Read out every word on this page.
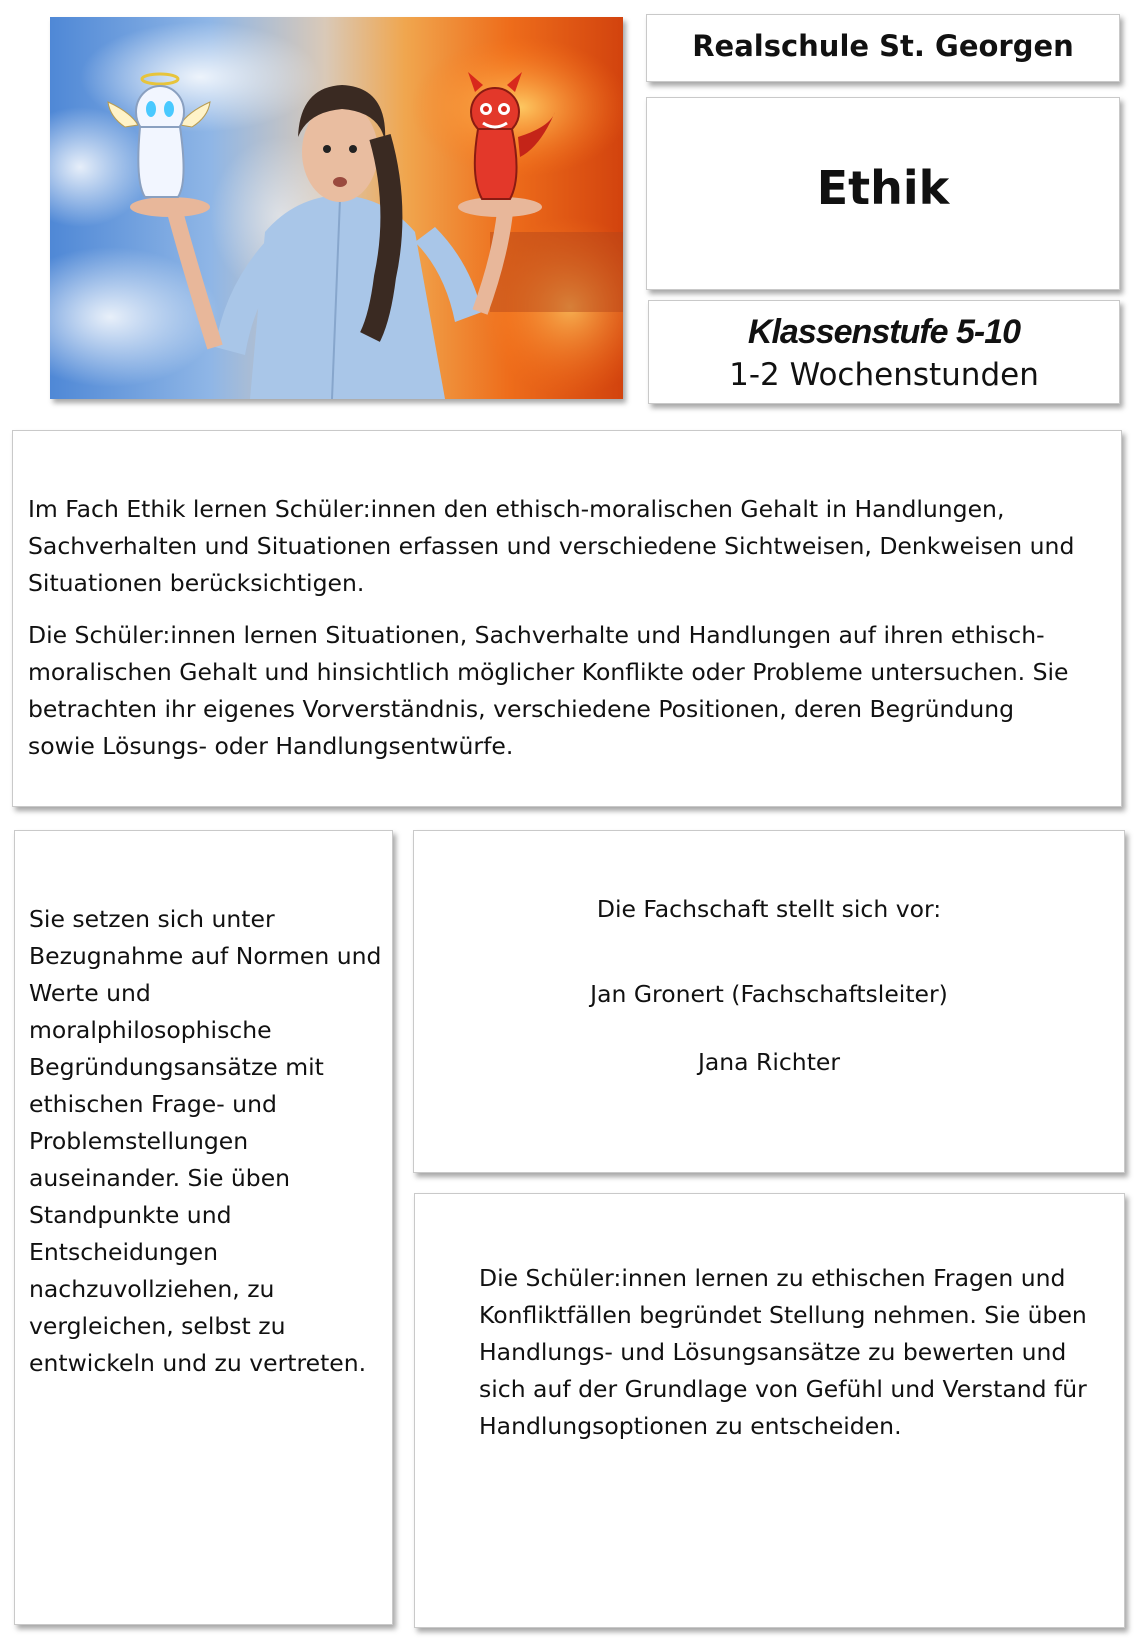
Realschule St. Georgen
Ethik
Klassenstufe 5-10
1-2 Wochenstunden

Im Fach Ethik lernen Schüler:innen den ethisch-moralischen Gehalt in Handlungen, Sachverhalten und Situationen erfassen und verschiedene Sichtweisen, Denkweisen und Situationen berücksichtigen.

Die Schüler:innen lernen Situationen, Sachverhalte und Handlungen auf ihren ethisch-moralischen Gehalt und hinsichtlich möglicher Konflikte oder Probleme untersuchen. Sie betrachten ihr eigenes Vorverständnis, verschiedene Positionen, deren Begründung sowie Lösungs- oder Handlungsentwürfe.

Sie setzen sich unter Bezugnahme auf Normen und Werte und moralphilosophische Begründungsansätze mit ethischen Frage- und Problemstellungen auseinander. Sie üben Standpunkte und Entscheidungen nachzuvollziehen, zu vergleichen, selbst zu entwickeln und zu vertreten.

Die Fachschaft stellt sich vor:
Jan Gronert (Fachschaftsleiter)
Jana Richter

Die Schüler:innen lernen zu ethischen Fragen und Konfliktfällen begründet Stellung nehmen. Sie üben Handlungs- und Lösungsansätze zu bewerten und sich auf der Grundlage von Gefühl und Verstand für Handlungsoptionen zu entscheiden.
